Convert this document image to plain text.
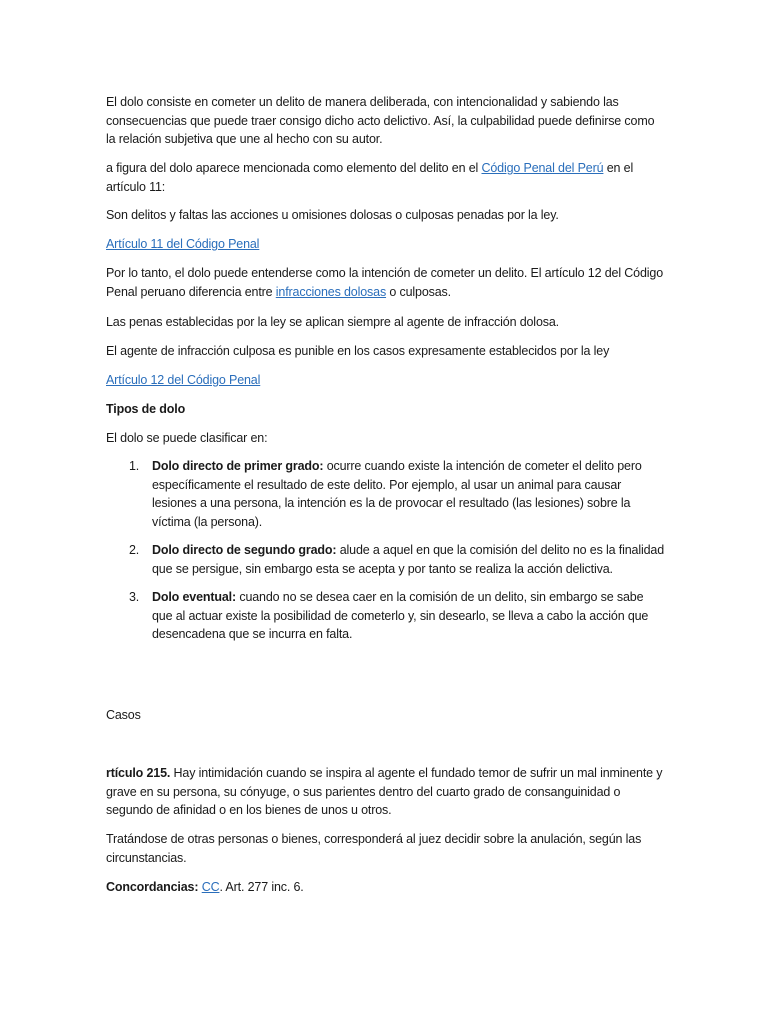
El dolo consiste en cometer un delito de manera deliberada, con intencionalidad y sabiendo las consecuencias que puede traer consigo dicho acto delictivo. Así, la culpabilidad puede definirse como la relación subjetiva que une al hecho con su autor.

a figura del dolo aparece mencionada como elemento del delito en el Código Penal del Perú en el artículo 11:

Son delitos y faltas las acciones u omisiones dolosas o culposas penadas por la ley.

Artículo 11 del Código Penal

Por lo tanto, el dolo puede entenderse como la intención de cometer un delito. El artículo 12 del Código Penal peruano diferencia entre infracciones dolosas o culposas.

Las penas establecidas por la ley se aplican siempre al agente de infracción dolosa.

El agente de infracción culposa es punible en los casos expresamente establecidos por la ley

Artículo 12 del Código Penal

Tipos de dolo

El dolo se puede clasificar en:

1. Dolo directo de primer grado: ocurre cuando existe la intención de cometer el delito pero específicamente el resultado de este delito. Por ejemplo, al usar un animal para causar lesiones a una persona, la intención es la de provocar el resultado (las lesiones) sobre la víctima (la persona).
2. Dolo directo de segundo grado: alude a aquel en que la comisión del delito no es la finalidad que se persigue, sin embargo esta se acepta y por tanto se realiza la acción delictiva.
3. Dolo eventual: cuando no se desea caer en la comisión de un delito, sin embargo se sabe que al actuar existe la posibilidad de cometerlo y, sin desearlo, se lleva a cabo la acción que desencadena que se incurra en falta.

Casos

rtículo 215. Hay intimidación cuando se inspira al agente el fundado temor de sufrir un mal inminente y grave en su persona, su cónyuge, o sus parientes dentro del cuarto grado de consanguinidad o segundo de afinidad o en los bienes de unos u otros.

Tratándose de otras personas o bienes, corresponderá al juez decidir sobre la anulación, según las circunstancias.

Concordancias: CC. Art. 277 inc. 6.
